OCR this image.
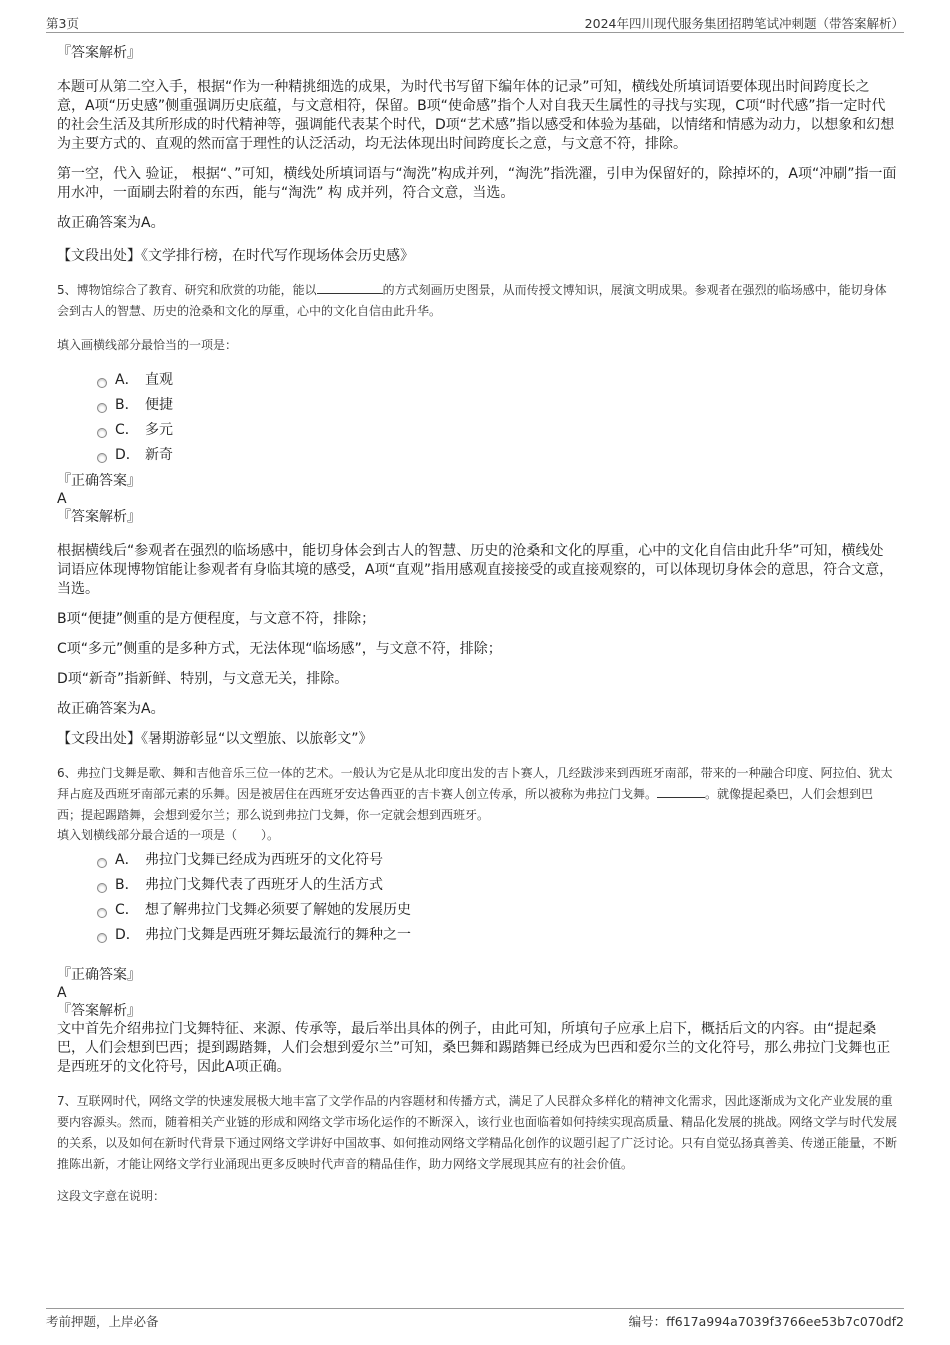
第3页	2024年四川现代服务集团招聘笔试冲刺题（带答案解析）
『答案解析』

本题可从第二空入手，根据“作为一种精挑细选的成果，为时代书写留下编年体的记录”可知，横线处所填词语要体现出时间跨度长之意，A项“历史感”侧重强调历史底蕴，与文意相符，保留。B项“使命感”指个人对自我天生属性的寻找与实现，C项“时代感”指一定时代的社会生活及其所形成的时代精神等，强调能代表某个时代，D项“艺术感”指以感受和体验为基础，以情绪和情感为动力，以想象和幻想为主要方式的、直观的然而富于理性的认泛活动，均无法体现出时间跨度长之意，与文意不符，排除。

第一空，代入 验证， 根据“、”可知，横线处所填词语与“淘洗”构成并列，“淘洗”指洗濯，引申为保留好的，除掉坏的，A项“冲刷”指一面用水冲，一面刷去附着的东西，能与“淘洗” 构 成并列，符合文意，当选。

故正确答案为A。

【文段出处】《文学排行榜，在时代写作现场体会历史感》
5、博物馆综合了教育、研究和欣赏的功能，能以	的方式刻画历史图景，从而传授文博知识，展演文明成果。参观者在强烈的临场感中，能切身体会到古人的智慧、历史的沧桑和文化的厚重，心中的文化自信由此升华。
填入画横线部分最恰当的一项是：
A． 直观
B． 便捷
C． 多元
D． 新奇
『正确答案』
A
『答案解析』

根据横线后“参观者在强烈的临场感中，能切身体会到古人的智慧、历史的沧桑和文化的厚重，心中的文化自信由此升华”可知，横线处词语应体现博物馆能让参观者有身临其境的感受，A项“直观”指用感观直接接受的或直接观察的，可以体现切身体会的意思，符合文意，当选。

B项“便捷”侧重的是方便程度，与文意不符，排除；

C项“多元”侧重的是多种方式，无法体现“临场感”，与文意不符，排除；

D项“新奇”指新鲜、特别，与文意无关，排除。

故正确答案为A。

【文段出处】《暑期游彰显“以文塑旅、以旅彰文”》
6、弗拉门戈舞是歌、舞和吉他音乐三位一体的艺术。一般认为它是从北印度出发的吉卜赛人，几经跋涉来到西班牙南部，带来的一种融合印度、阿拉伯、犹太拜占庭及西班牙南部元素的乐舞。因是被居住在西班牙安达鲁西亚的吉卡赛人创立传承，所以被称为弗拉门戈舞。	。就像提起桑巴，人们会想到巴西；提起踢踏舞，会想到爱尔兰；那么说到弗拉门戈舞，你一定就会想到西班牙。
填入划横线部分最合适的一项是（　　）。
A． 弗拉门戈舞已经成为西班牙的文化符号
B． 弗拉门戈舞代表了西班牙人的生活方式
C． 想了解弗拉门戈舞必须要了解她的发展历史
D． 弗拉门戈舞是西班牙舞坛最流行的舞种之一
『正确答案』
A
『答案解析』

文中首先介绍弗拉门戈舞特征、来源、传承等，最后举出具体的例子，由此可知，所填句子应承上启下，概括后文的内容。由“提起桑巴，人们会想到巴西；提到踢踏舞，人们会想到爱尔兰”可知，桑巴舞和踢踏舞已经成为巴西和爱尔兰的文化符号，那么弗拉门戈舞也正是西班牙的文化符号，因此A项正确。

7、互联网时代，网络文学的快速发展极大地丰富了文学作品的内容题材和传播方式，满足了人民群众多样化的精神文化需求，因此逐渐成为文化产业发展的重要内容源头。然而，随着相关产业链的形成和网络文学市场化运作的不断深入，该行业也面临着如何持续实现高质量、精品化发展的挑战。网络文学与时代发展的关系，以及如何在新时代背景下通过网络文学讲好中国故事、如何推动网络文学精品化创作的议题引起了广泛讨论。只有自觉弘扬真善美、传递正能量，不断推陈出新，才能让网络文学行业涌现出更多反映时代声音的精品佳作，助力网络文学展现其应有的社会价值。
这段文字意在说明：
考前押题，上岸必备	编号：ff617a994a7039f3766ee53b7c070df2
